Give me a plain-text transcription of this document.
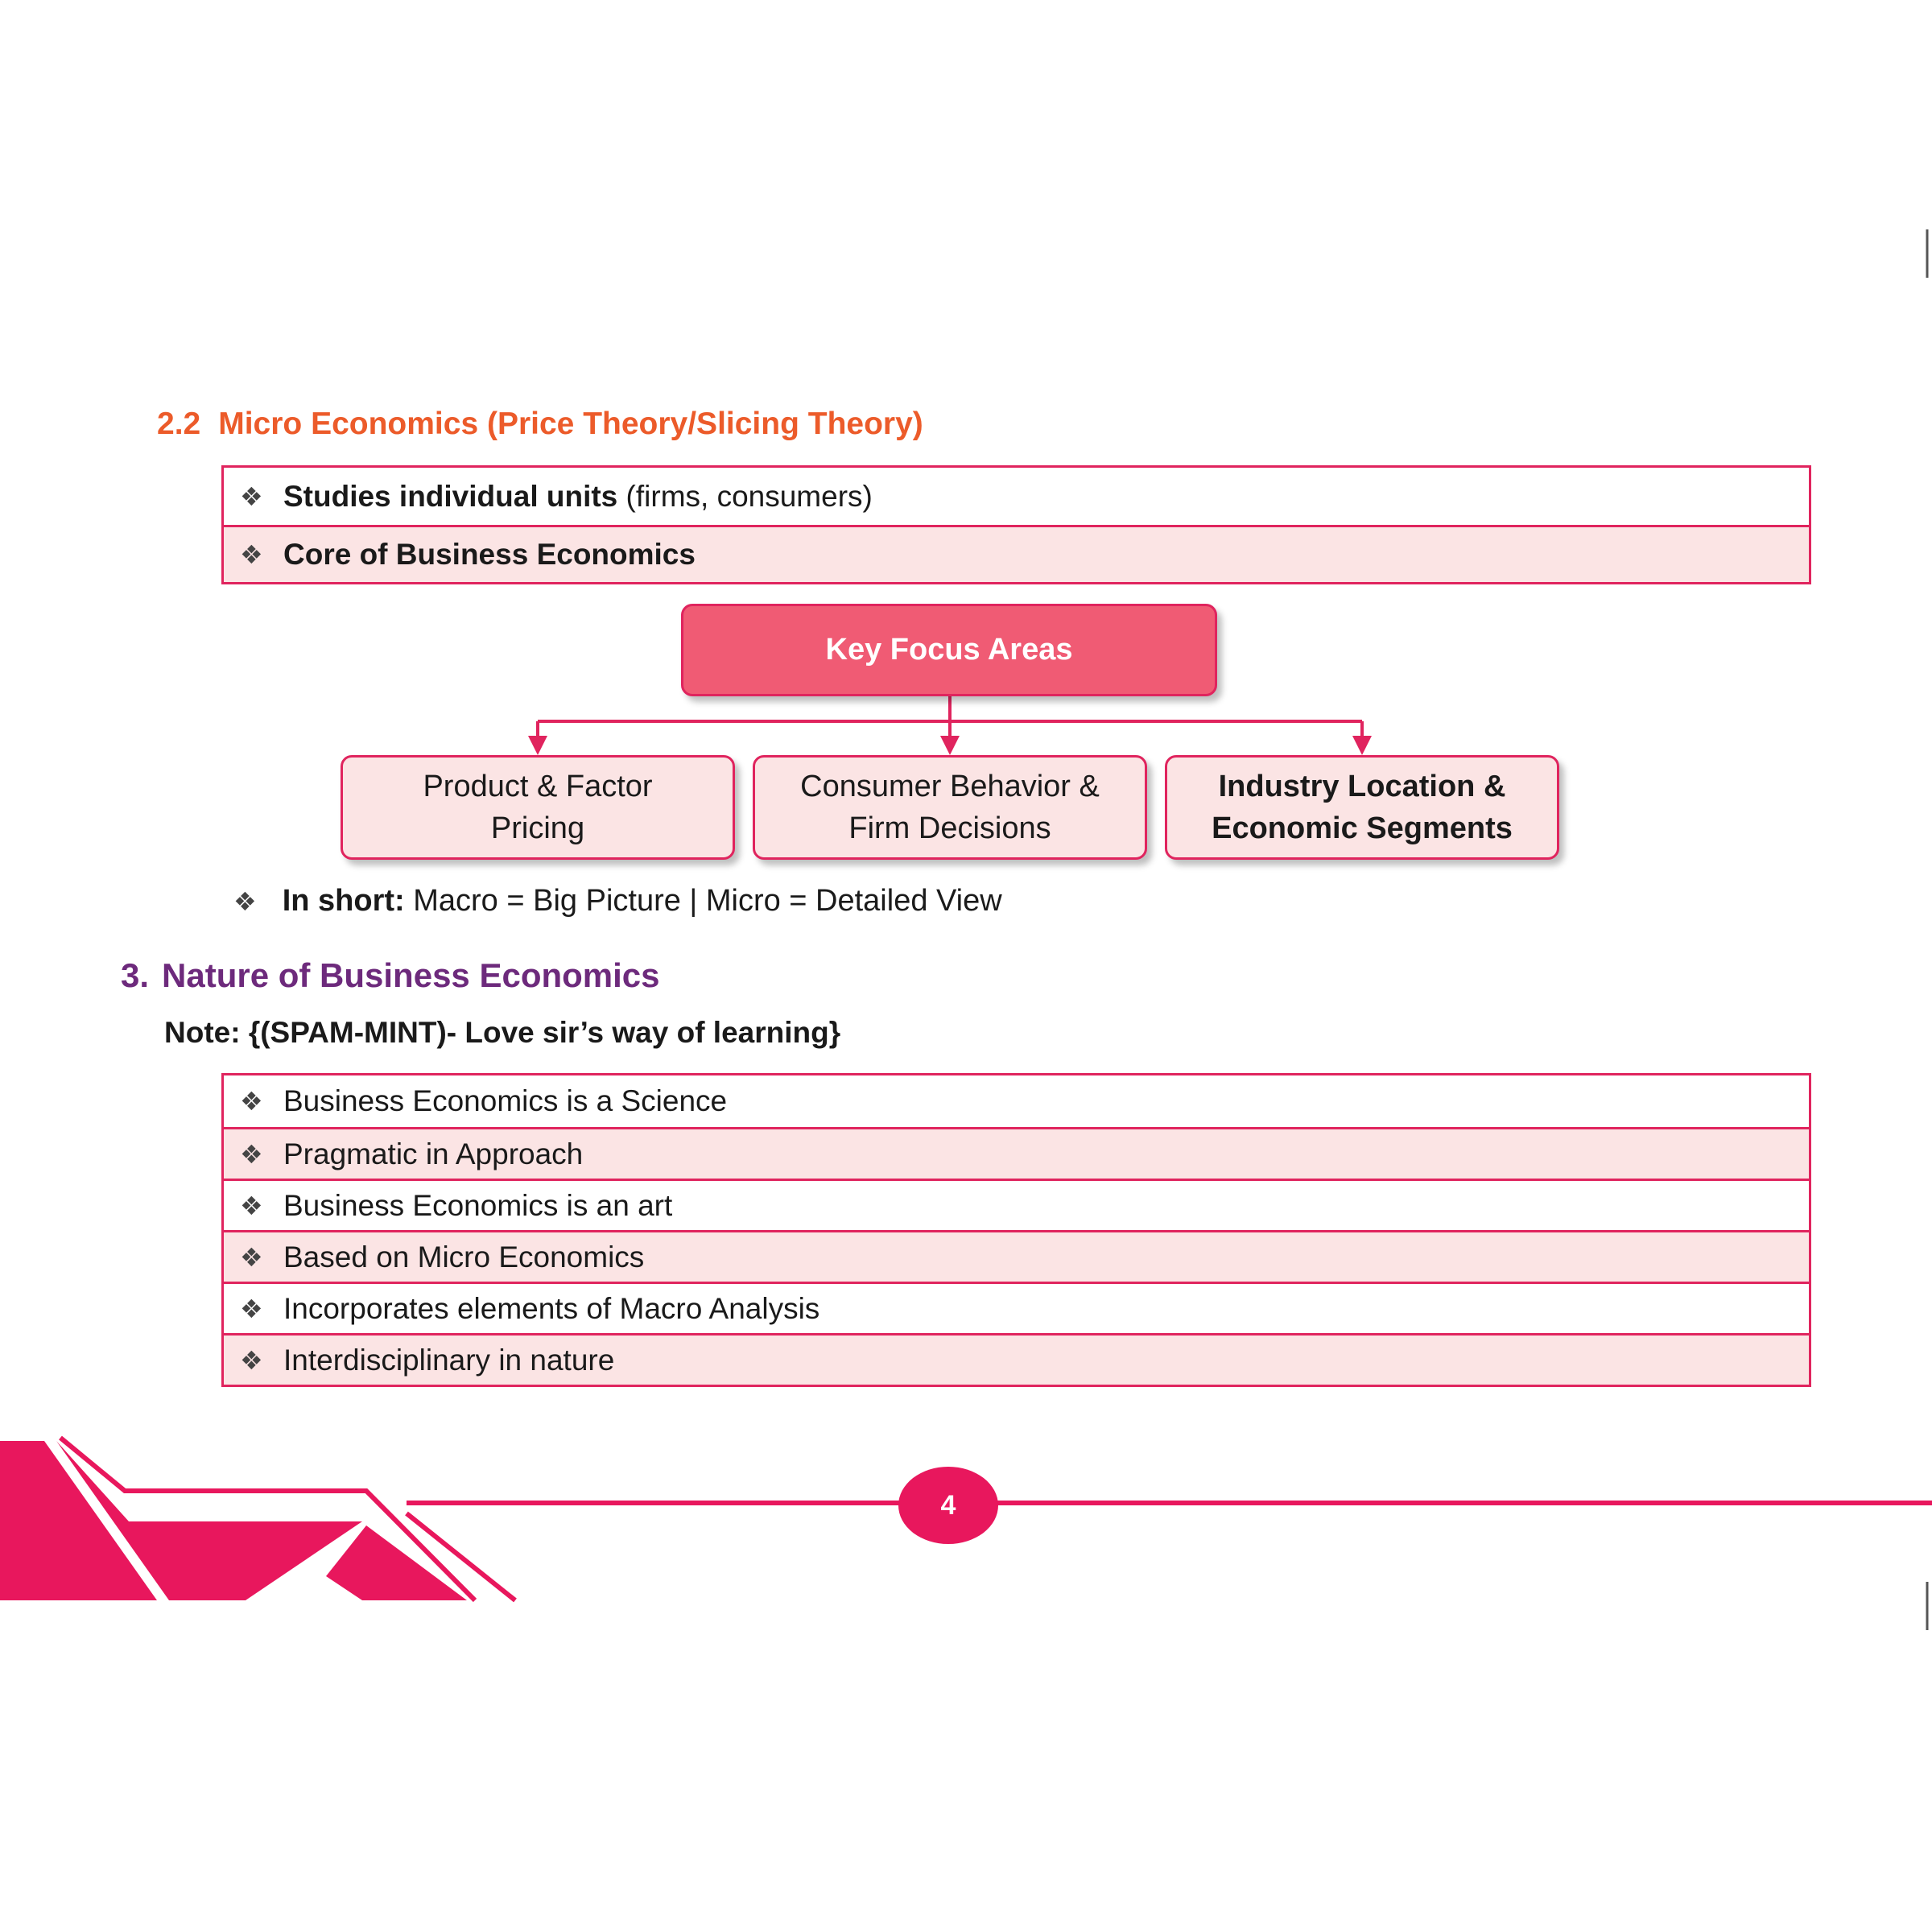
2.2 Micro Economics (Price Theory/Slicing Theory)
❖ Studies individual units (firms, consumers)
❖ Core of Business Economics
Key Focus Areas
Product & Factor
Pricing
Consumer Behavior &
Firm Decisions
Industry Location &
Economic Segments
❖ In short: Macro = Big Picture | Micro = Detailed View
3. Nature of Business Economics
Note: {(SPAM-MINT)- Love sir’s way of learning}
❖ Business Economics is a Science
❖ Pragmatic in Approach
❖ Business Economics is an art
❖ Based on Micro Economics
❖ Incorporates elements of Macro Analysis
❖ Interdisciplinary in nature
4
